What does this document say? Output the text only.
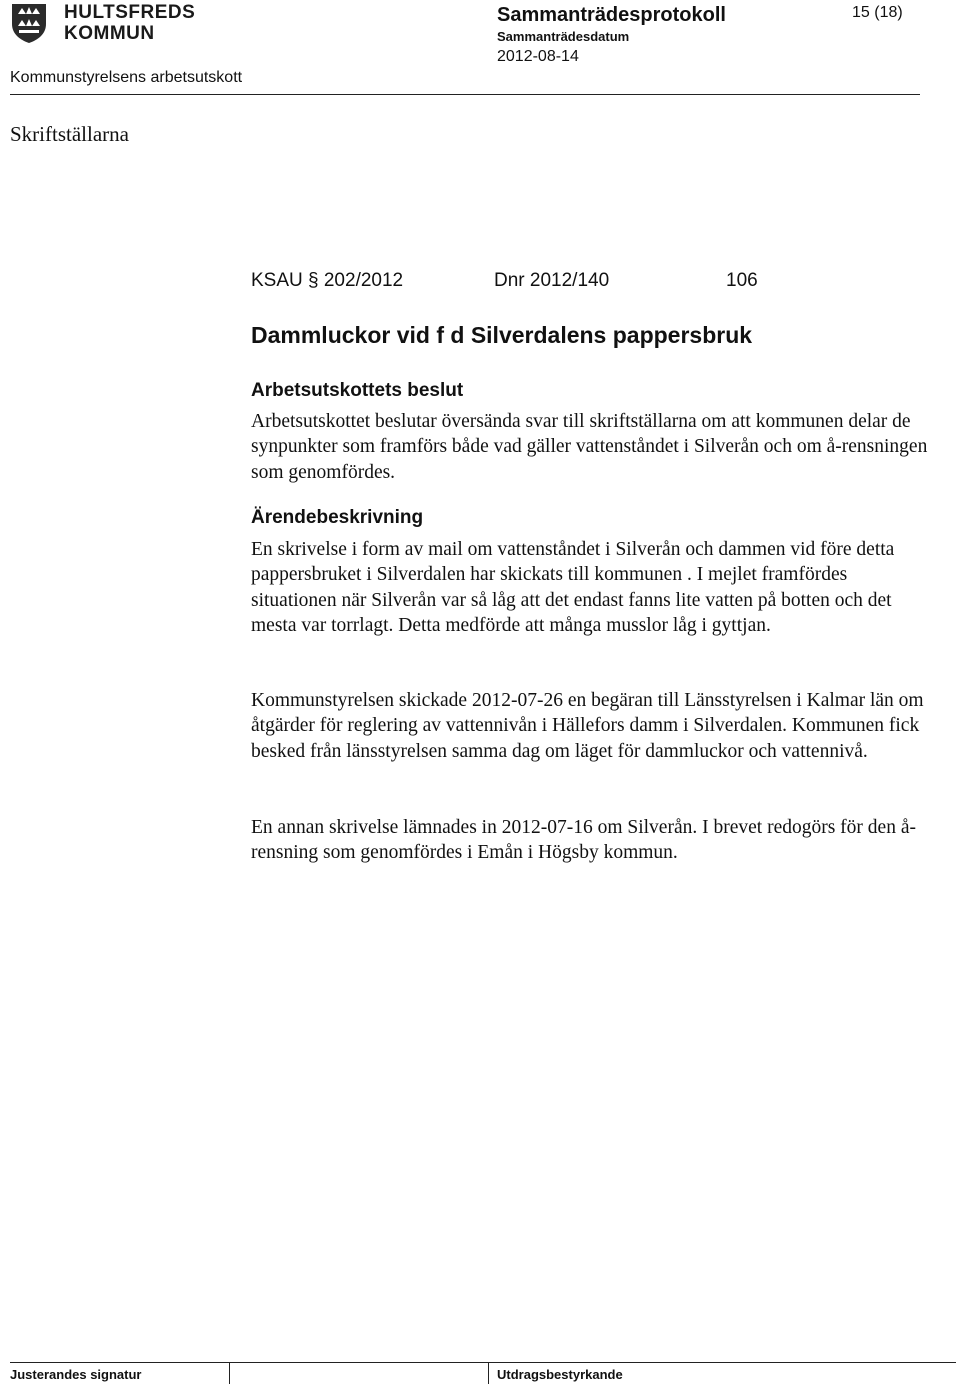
HULTSFREDS
KOMMUN
Sammanträdesprotokoll	15 (18)
Sammanträdesdatum
2012-08-14
Kommunstyrelsens arbetsutskott
Skriftställarna
KSAU § 202/2012	Dnr 2012/140	106
Dammluckor vid f d Silverdalens pappersbruk
Arbetsutskottets beslut
Arbetsutskottet beslutar översända svar till skriftställarna om att kommunen delar de synpunkter som framförs både vad gäller vattenståndet i Silverån och om å-rensningen som genomfördes.
Ärendebeskrivning
En skrivelse i form av mail om vattenståndet i Silverån och dammen vid före detta pappersbruket i Silverdalen har skickats till kommunen . I mejlet framfördes situationen när Silverån var så låg att det endast fanns lite vatten på botten och det mesta var torrlagt. Detta medförde att många musslor låg i gyttjan.
Kommunstyrelsen skickade 2012-07-26 en begäran till Länsstyrelsen i Kalmar län om åtgärder för reglering av vattennivån i Hällefors damm i Silverdalen. Kommunen fick besked från länsstyrelsen samma dag om läget för dammluckor och vattennivå.
En annan skrivelse lämnades in 2012-07-16 om Silverån. I brevet redogörs för den å-rensning som genomfördes i Emån i Högsby kommun.
Justerandes signatur	Utdragsbestyrkande
